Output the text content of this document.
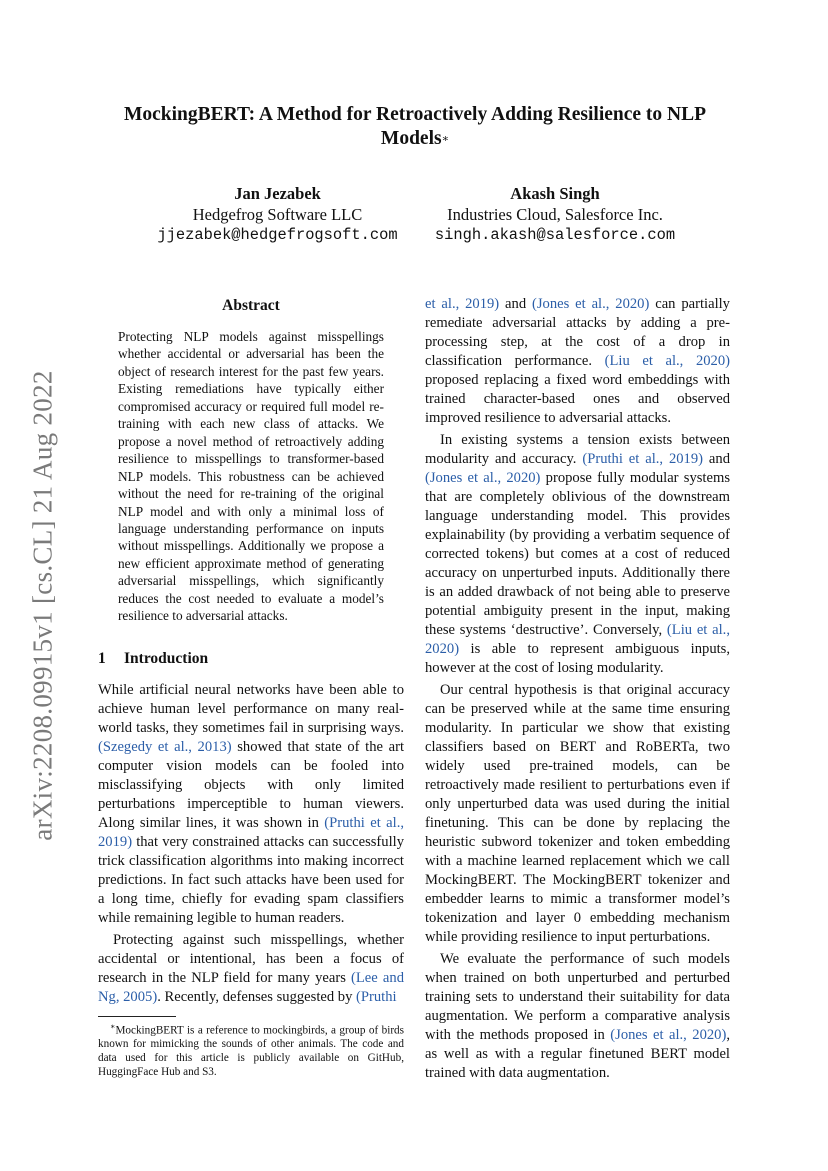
arXiv:2208.09915v1 [cs.CL] 21 Aug 2022
MockingBERT: A Method for Retroactively Adding Resilience to NLP Models∗
Jan Jezabek
Hedgefrog Software LLC
jjezabek@hedgefrogsoft.com
Akash Singh
Industries Cloud, Salesforce Inc.
singh.akash@salesforce.com
Abstract
Protecting NLP models against misspellings whether accidental or adversarial has been the object of research interest for the past few years. Existing remediations have typically either compromised accuracy or required full model re-training with each new class of attacks. We propose a novel method of retroactively adding resilience to misspellings to transformer-based NLP models. This robustness can be achieved without the need for re-training of the original NLP model and with only a minimal loss of language understanding performance on inputs without misspellings. Additionally we propose a new efficient approximate method of generating adversarial misspellings, which significantly reduces the cost needed to evaluate a model’s resilience to adversarial attacks.
1 Introduction

While artificial neural networks have been able to achieve human level performance on many real-world tasks, they sometimes fail in surprising ways. (Szegedy et al., 2013) showed that state of the art computer vision models can be fooled into misclassifying objects with only limited perturbations imperceptible to human viewers. Along similar lines, it was shown in (Pruthi et al., 2019) that very constrained attacks can successfully trick classification algorithms into making incorrect predictions. In fact such attacks have been used for a long time, chiefly for evading spam classifiers while remaining legible to human readers.

Protecting against such misspellings, whether accidental or intentional, has been a focus of research in the NLP field for many years (Lee and Ng, 2005). Recently, defenses suggested by (Pruthi

et al., 2019) and (Jones et al., 2020) can partially remediate adversarial attacks by adding a pre-processing step, at the cost of a drop in classification performance. (Liu et al., 2020) proposed replacing a fixed word embeddings with trained character-based ones and observed improved resilience to adversarial attacks.

In existing systems a tension exists between modularity and accuracy. (Pruthi et al., 2019) and (Jones et al., 2020) propose fully modular systems that are completely oblivious of the downstream language understanding model. This provides explainability (by providing a verbatim sequence of corrected tokens) but comes at a cost of reduced accuracy on unperturbed inputs. Additionally there is an added drawback of not being able to preserve potential ambiguity present in the input, making these systems ‘destructive’. Conversely, (Liu et al., 2020) is able to represent ambiguous inputs, however at the cost of losing modularity.

Our central hypothesis is that original accuracy can be preserved while at the same time ensuring modularity. In particular we show that existing classifiers based on BERT and RoBERTa, two widely used pre-trained models, can be retroactively made resilient to perturbations even if only unperturbed data was used during the initial finetuning. This can be done by replacing the heuristic subword tokenizer and token embedding with a machine learned replacement which we call MockingBERT. The MockingBERT tokenizer and embedder learns to mimic a transformer model’s tokenization and layer 0 embedding mechanism while providing resilience to input perturbations.

We evaluate the performance of such models when trained on both unperturbed and perturbed training sets to understand their suitability for data augmentation. We perform a comparative analysis with the methods proposed in (Jones et al., 2020), as well as with a regular finetuned BERT model trained with data augmentation.

∗MockingBERT is a reference to mockingbirds, a group of birds known for mimicking the sounds of other animals. The code and data used for this article is publicly available on GitHub, HuggingFace Hub and S3.
